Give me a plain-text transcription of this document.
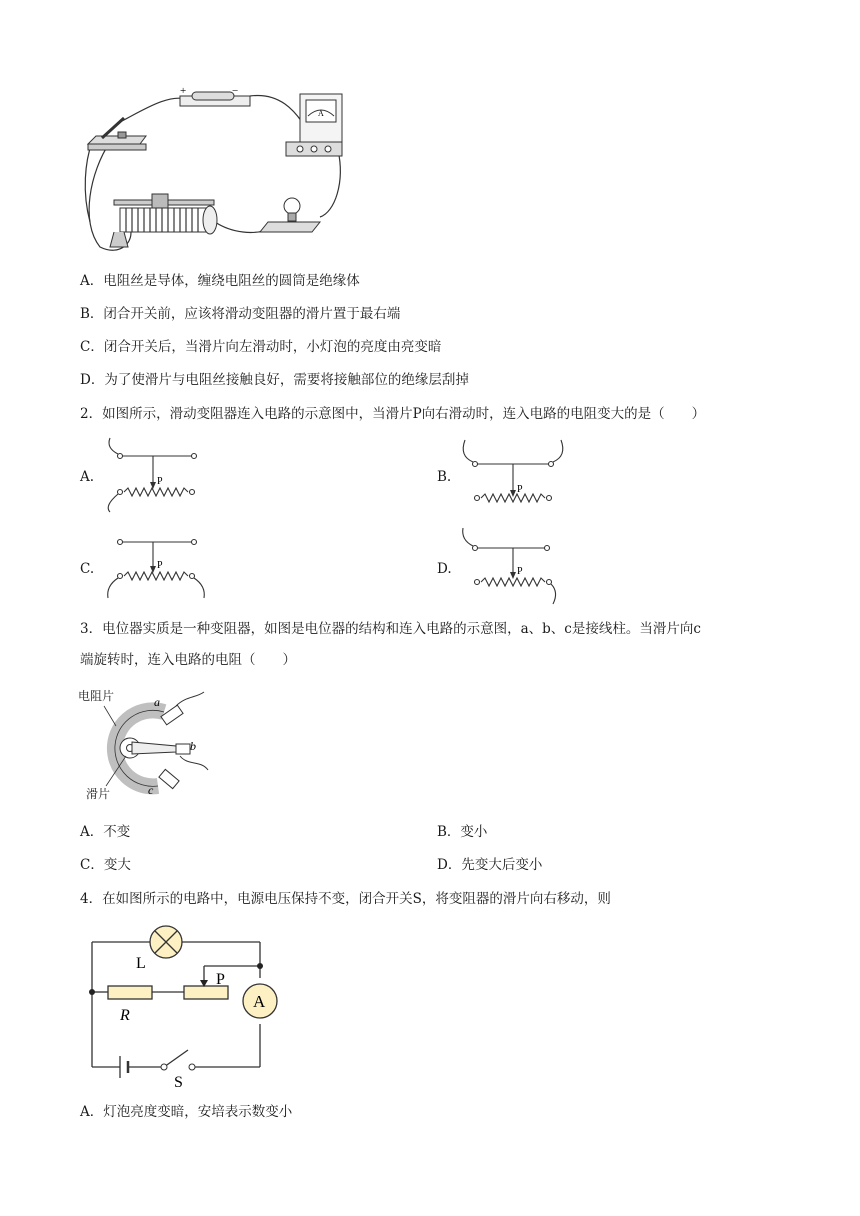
+	−
A
A．电阻丝是导体，缠绕电阻丝的圆筒是绝缘体
B．闭合开关前，应该将滑动变阻器的滑片置于最右端
C．闭合开关后，当滑片向左滑动时，小灯泡的亮度由亮变暗
D．为了使滑片与电阻丝接触良好，需要将接触部位的绝缘层刮掉
2．如图所示，滑动变阻器连入电路的示意图中，当滑片P向右滑动时，连入电路的电阻变大的是（　　）
A.	P	B.
P
C.	P	D.	P
3．电位器实质是一种变阻器，如图是电位器的结构和连入电路的示意图，a、b、c是接线柱。当滑片向c
端旋转时，连入电路的电阻（　　）
电阻片
滑片
a
b
c
A．不变	B．变小
C．变大	D．先变大后变小
4．在如图所示的电路中，电源电压保持不变，闭合开关S，将变阻器的滑片向右移动，则
L
R
P
A
S
A．灯泡亮度变暗，安培表示数变小
